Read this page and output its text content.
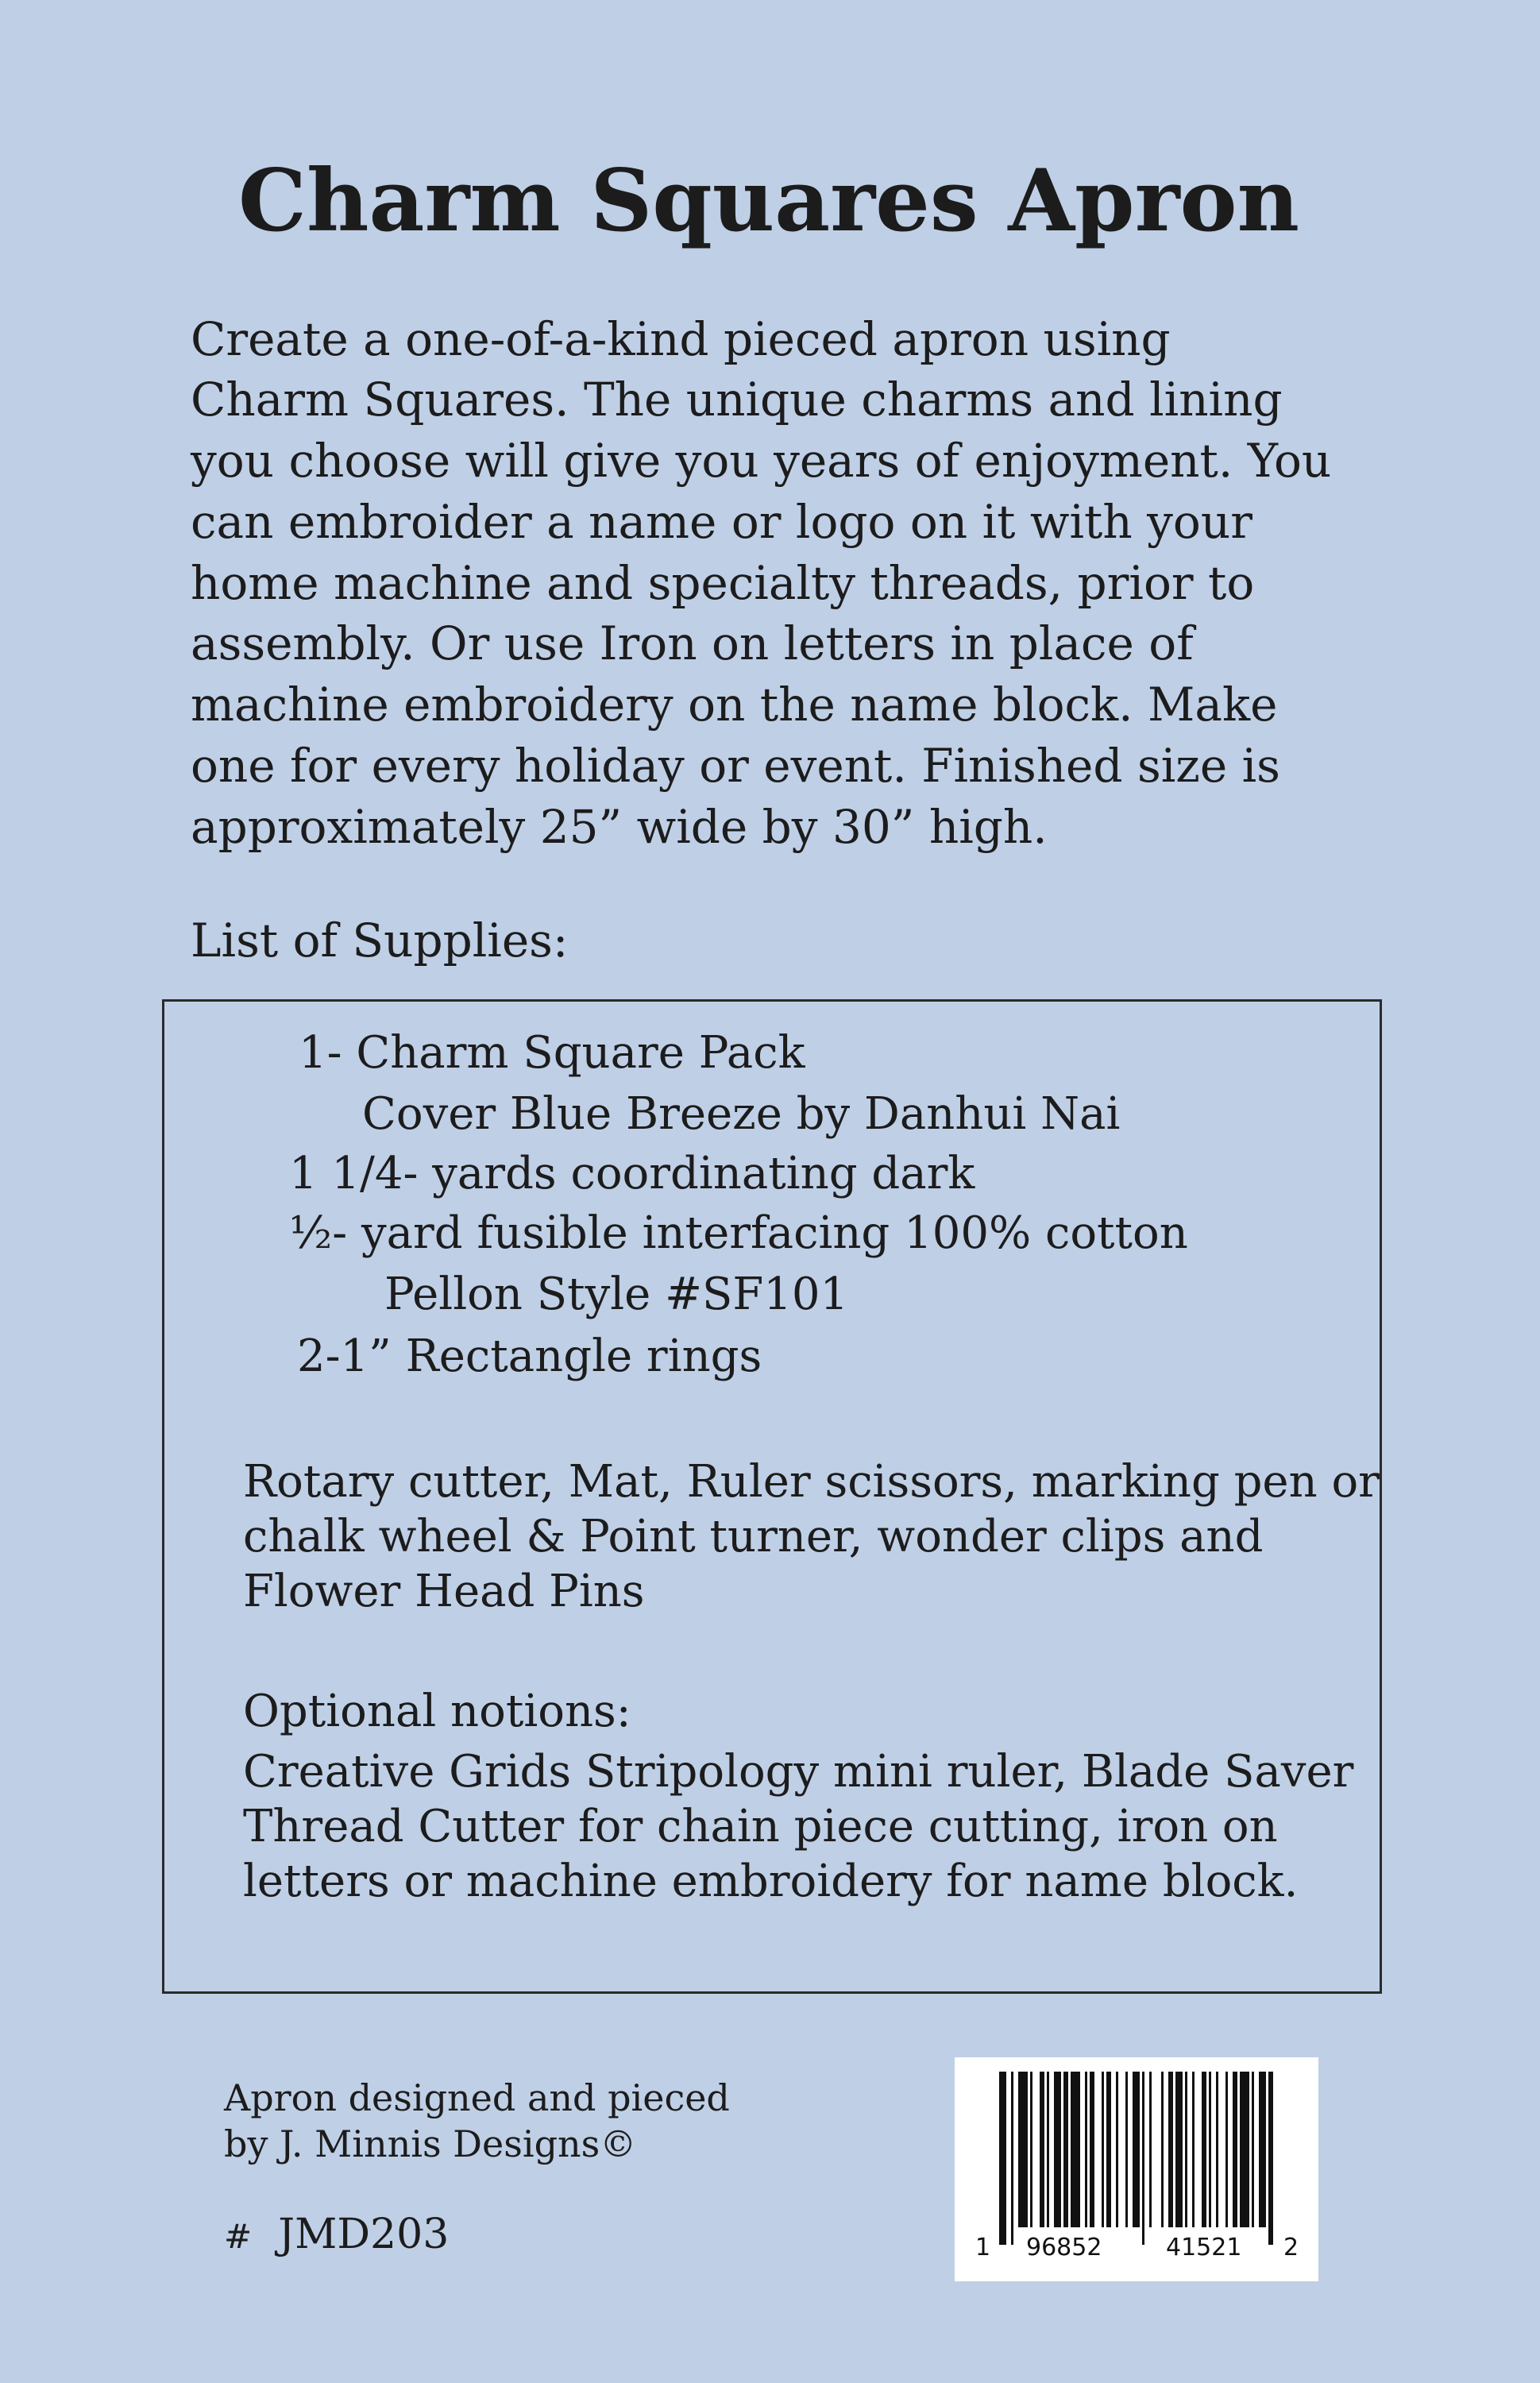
Charm Squares Apron
Create a one-of-a-kind pieced apron using
Charm Squares. The unique charms and lining
you choose will give you years of enjoyment. You
can embroider a name or logo on it with your
home machine and specialty threads, prior to
assembly. Or use Iron on letters in place of
machine embroidery on the name block. Make
one for every holiday or event. Finished size is
approximately 25” wide by 30” high.
List of Supplies:
1- Charm Square Pack
Cover Blue Breeze by Danhui Nai
1 1/4- yards coordinating dark
½- yard fusible interfacing 100% cotton
Pellon Style #SF101
2-1” Rectangle rings
Rotary cutter, Mat, Ruler scissors, marking pen or
chalk wheel & Point turner, wonder clips and
Flower Head Pins
Optional notions:
Creative Grids Stripology mini ruler, Blade Saver
Thread Cutter for chain piece cutting, iron on
letters or machine embroidery for name block.
Apron designed and pieced
by J. Minnis Designs©
# JMD203	1 96852	41521 2
